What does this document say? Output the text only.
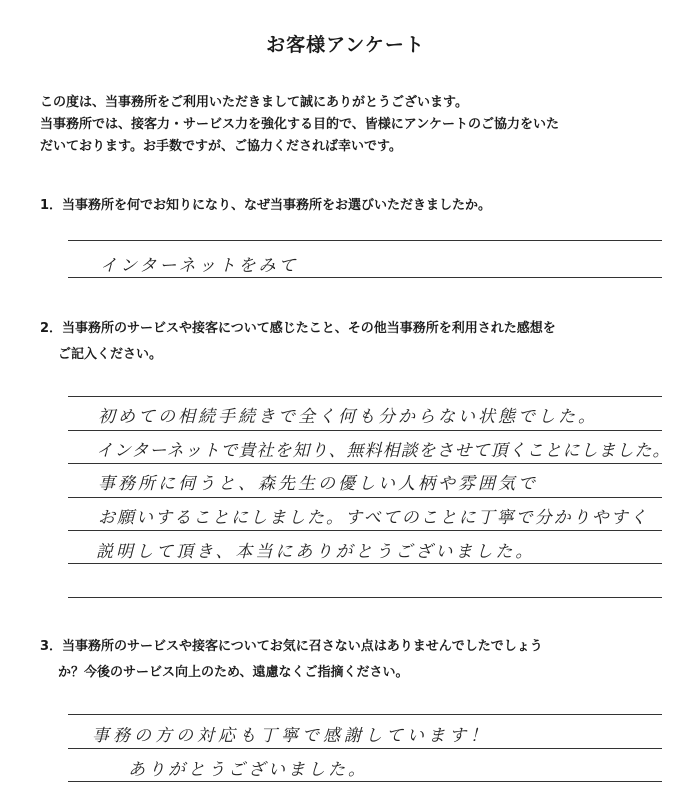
お客様アンケート
この度は、当事務所をご利用いただきまして誠にありがとうございます。
当事務所では、接客力・サービス力を強化する目的で、皆様にアンケートのご協力をいた
だいております。お手数ですが、ご協力くだされば幸いです。
1．当事務所を何でお知りになり、なぜ当事務所をお選びいただきましたか。
インターネットをみて
2．当事務所のサービスや接客について感じたこと、その他当事務所を利用された感想を
ご記入ください。
初めての相続手続きで全く何も分からない状態でした。
インターネットで貴社を知り、無料相談をさせて頂くことにしました。
事務所に伺うと、森先生の優しい人柄や雰囲気で
お願いすることにしました。すべてのことに丁寧で分かりやすく
説明して頂き、本当にありがとうございました。
3．当事務所のサービスや接客についてお気に召さない点はありませんでしたでしょう
か？今後のサービス向上のため、遠慮なくご指摘ください。
事務の方の対応も丁寧で感謝しています！
ありがとうございました。
